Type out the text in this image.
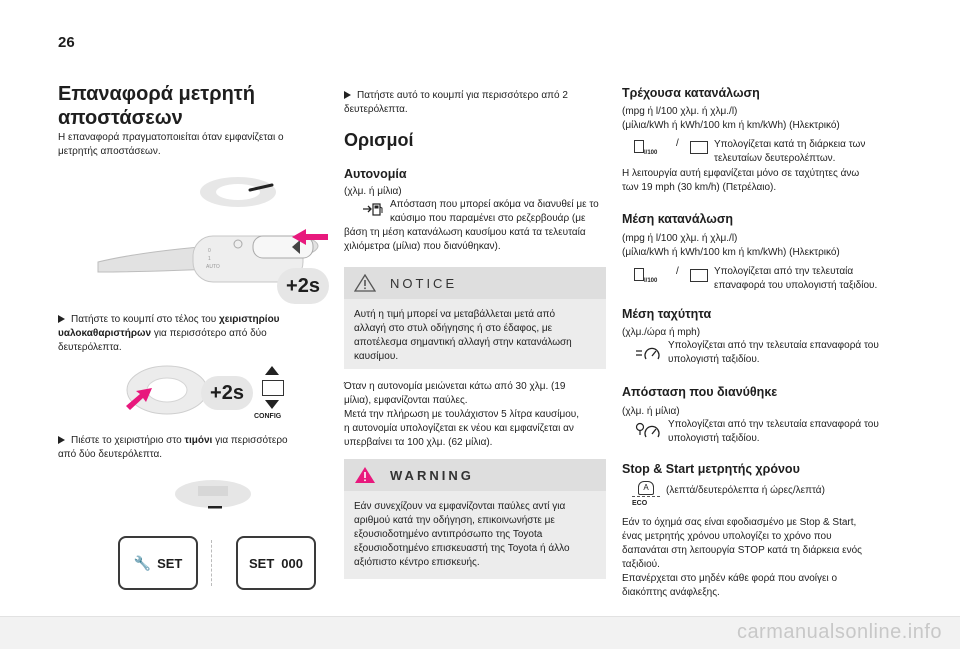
26
Επαναφορά μετρητή
αποστάσεων
Η επαναφορά πραγματοποιείται όταν εμφανίζεται ο
μετρητής αποστάσεων.
0
1
AUTO
+2s
Πατήστε το κουμπί στο τέλος του χειριστηρίου
υαλοκαθαριστήρων για περισσότερο από δύο
δευτερόλεπτα.
+2s
CONFIG
Πιέστε το χειριστήριο στο τιμόνι για περισσότερο
από δύο δευτερόλεπτα.
🔧 SET	SET 000
Πατήστε αυτό το κουμπί για περισσότερο από 2
δευτερόλεπτα.
Ορισμοί
Αυτονομία
(χλμ. ή μίλια)
Απόσταση που μπορεί ακόμα να διανυθεί με το
καύσιμο που παραμένει στο ρεζερβουάρ (με
βάση τη μέση κατανάλωση καυσίμου κατά τα τελευταία
χιλιόμετρα (μίλια) που διανύθηκαν).
NOTICE
Αυτή η τιμή μπορεί να μεταβάλλεται μετά από
αλλαγή στο στυλ οδήγησης ή στο έδαφος, με
αποτέλεσμα σημαντική αλλαγή στην κατανάλωση
καυσίμου.
Όταν η αυτονομία μειώνεται κάτω από 30 χλμ. (19
μίλια), εμφανίζονται παύλες.
Μετά την πλήρωση με τουλάχιστον 5 λίτρα καυσίμου,
η αυτονομία υπολογίζεται εκ νέου και εμφανίζεται αν
υπερβαίνει τα 100 χλμ. (62 μίλια).
WARNING
Εάν συνεχίζουν να εμφανίζονται παύλες αντί για
αριθμού κατά την οδήγηση, επικοινωνήστε με
εξουσιοδοτημένο αντιπρόσωπο της Toyota
εξουσιοδοτημένο επισκευαστή της Toyota ή άλλο
αξιόπιστο κέντρο επισκευής.
Τρέχουσα κατανάλωση
(mpg ή l/100 χλμ. ή χλμ./l)
(μίλια/kWh ή kWh/100 km ή km/kWh) (Ηλεκτρικό)
l/100
/	Υπολογίζεται κατά τη διάρκεια των
τελευταίων δευτερολέπτων.
Η λειτουργία αυτή εμφανίζεται μόνο σε ταχύτητες άνω
των 19 mph (30 km/h) (Πετρέλαιο).
Μέση κατανάλωση
(mpg ή l/100 χλμ. ή χλμ./l)
(μίλια/kWh ή kWh/100 km ή km/kWh) (Ηλεκτρικό)
l/100
/	Υπολογίζεται από την τελευταία
επαναφορά του υπολογιστή ταξιδίου.
Μέση ταχύτητα
(χλμ./ώρα ή mph)
Υπολογίζεται από την τελευταία επαναφορά του
υπολογιστή ταξιδίου.
Απόσταση που διανύθηκε
(χλμ. ή μίλια)
Υπολογίζεται από την τελευταία επαναφορά του
υπολογιστή ταξιδίου.
Stop & Start μετρητής χρόνου
A
ECO
(λεπτά/δευτερόλεπτα ή ώρες/λεπτά)
Εάν το όχημά σας είναι εφοδιασμένο με Stop & Start,
ένας μετρητής χρόνου υπολογίζει το χρόνο που
δαπανάται στη λειτουργία STOP κατά τη διάρκεια ενός
ταξιδιού.
Επανέρχεται στο μηδέν κάθε φορά που ανοίγει ο
διακόπτης ανάφλεξης.
carmanualsonline.info
